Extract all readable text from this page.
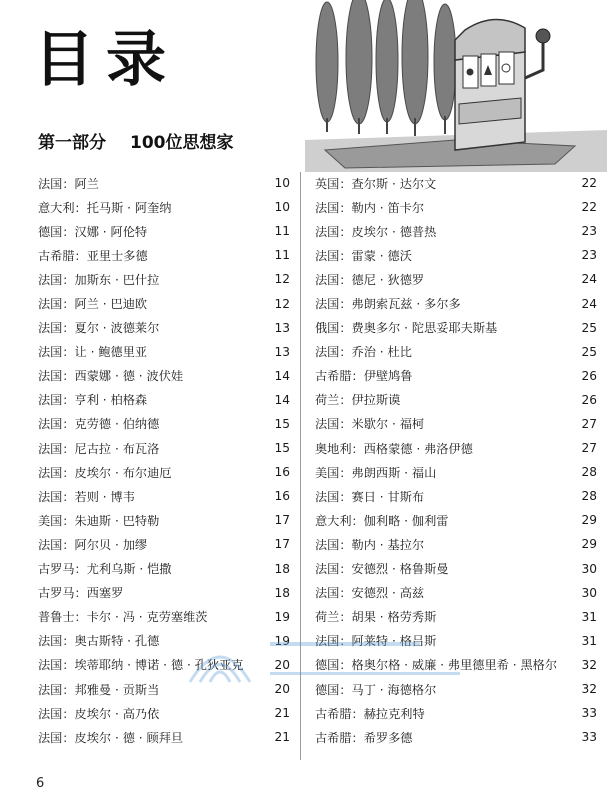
目录
第一部分 100位思想家
法国：阿兰	10
意大利：托马斯 · 阿奎纳	10
德国：汉娜 · 阿伦特	11
古希腊：亚里士多德	11
法国：加斯东 · 巴什拉	12
法国：阿兰 · 巴迪欧	12
法国：夏尔 · 波德莱尔	13
法国：让 · 鲍德里亚	13
法国：西蒙娜 · 德 · 波伏娃	14
法国：亨利 · 柏格森	14
法国：克劳德 · 伯纳德	15
法国：尼古拉 · 布瓦洛	15
法国：皮埃尔 · 布尔迪厄	16
法国：若则 · 博韦	16
美国：朱迪斯 · 巴特勒	17
法国：阿尔贝 · 加缪	17
古罗马：尤利乌斯 · 恺撒	18
古罗马：西塞罗	18
普鲁士：卡尔 · 冯 · 克劳塞维茨	19
法国：奥古斯特 · 孔德	19
法国：埃蒂耶纳 · 博诺 · 德 · 孔狄亚克	20
法国：邦雅曼 · 贡斯当	20
法国：皮埃尔 · 高乃依	21
法国：皮埃尔 · 德 · 顾拜旦	21
英国：查尔斯 · 达尔文	22
法国：勒内 · 笛卡尔	22
法国：皮埃尔 · 德普热	23
法国：雷蒙 · 德沃	23
法国：德尼 · 狄德罗	24
法国：弗朗索瓦兹 · 多尔多	24
俄国：费奥多尔 · 陀思妥耶夫斯基	25
法国：乔治 · 杜比	25
古希腊：伊壁鸠鲁	26
荷兰：伊拉斯谟	26
法国：米歇尔 · 福柯	27
奥地利：西格蒙德 · 弗洛伊德	27
美国：弗朗西斯 · 福山	28
法国：赛日 · 甘斯布	28
意大利：伽利略 · 伽利雷	29
法国：勒内 · 基拉尔	29
法国：安德烈 · 格鲁斯曼	30
法国：安德烈 · 高兹	30
荷兰：胡果 · 格劳秀斯	31
法国：阿莱特 · 格吕斯	31
德国：格奥尔格 · 威廉 · 弗里德里希 · 黑格尔	32
德国：马丁 · 海德格尔	32
古希腊：赫拉克利特	33
古希腊：希罗多德	33
6
